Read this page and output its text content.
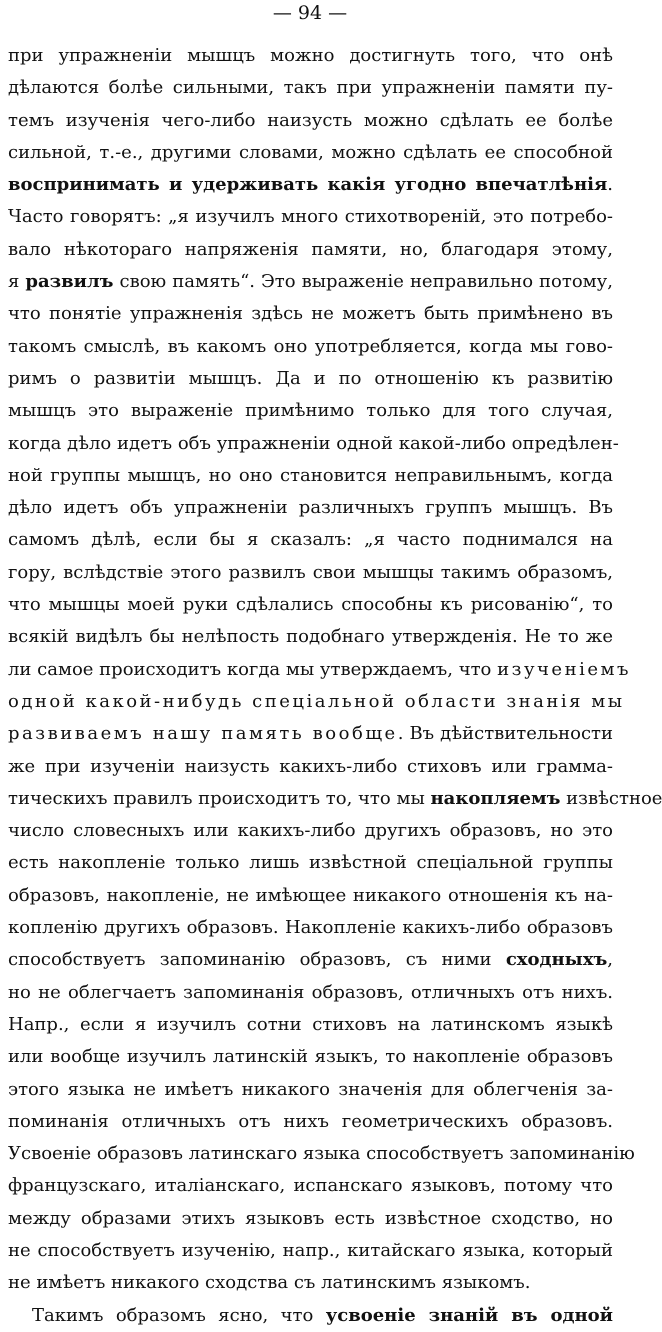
— 94 —
при упражненіи мышцъ можно достигнуть того, что онѣ
дѣлаются болѣе сильными, такъ при упражненіи памяти пу-
темъ изученія чего-либо наизусть можно сдѣлать ее болѣе
сильной, т.-е., другими словами, можно сдѣлать ее способной
воспринимать и удерживать какія угодно впечатлѣнія.
Часто говорятъ: „я изучилъ много стихотвореній, это потребо-
вало нѣкотораго напряженія памяти, но, благодаря этому,
я развилъ свою память“. Это выраженіе неправильно потому,
что понятіе упражненія здѣсь не можетъ быть примѣнено въ
такомъ смыслѣ, въ какомъ оно употребляется, когда мы гово-
римъ о развитіи мышцъ. Да и по отношенію къ развитію
мышцъ это выраженіе примѣнимо только для того случая,
когда дѣло идетъ объ упражненіи одной какой-либо опредѣлен-
ной группы мышцъ, но оно становится неправильнымъ, когда
дѣло идетъ объ упражненіи различныхъ группъ мышцъ. Въ
самомъ дѣлѣ, если бы я сказалъ: „я часто поднимался на
гору, вслѣдствіе этого развилъ свои мышцы такимъ образомъ,
что мышцы моей руки сдѣлались способны къ рисованію“, то
всякій видѣлъ бы нелѣпость подобнаго утвержденія. Не то же
ли самое происходитъ когда мы утверждаемъ, что изученіемъ
одной какой-нибудь спеціальной области знанія мы
развиваемъ нашу память вообще. Въ дѣйствительности
же при изученіи наизусть какихъ-либо стиховъ или граммa-
тическихъ правилъ происходитъ то, что мы накопляемъ извѣстное
число словесныхъ или какихъ-либо другихъ образовъ, но это
есть накопленіе только лишь извѣстной спеціальной группы
образовъ, накопленіе, не имѣющее никакого отношенія къ на-
копленію другихъ образовъ. Накопленіе какихъ-либо образовъ
способствуетъ запоминанію образовъ, съ ними сходныхъ,
но не облегчаетъ запоминанія образовъ, отличныхъ отъ нихъ.
Напр., если я изучилъ сотни стиховъ на латинскомъ языкѣ
или вообще изучилъ латинскій языкъ, то накопленіе образовъ
этого языка не имѣетъ никакого значенія для облегченія за-
поминанія отличныхъ отъ нихъ геометрическихъ образовъ.
Усвоеніе образовъ латинскаго языка способствуетъ запоминанію
французскаго, италіанскаго, испанскаго языковъ, потому что
между образами этихъ языковъ есть извѣстное сходство, но
не способствуетъ изученію, напр., китайскаго языка, который
не имѣетъ никакого сходства съ латинскимъ языкомъ.
Такимъ образомъ ясно, что усвоеніе знаній въ одной
